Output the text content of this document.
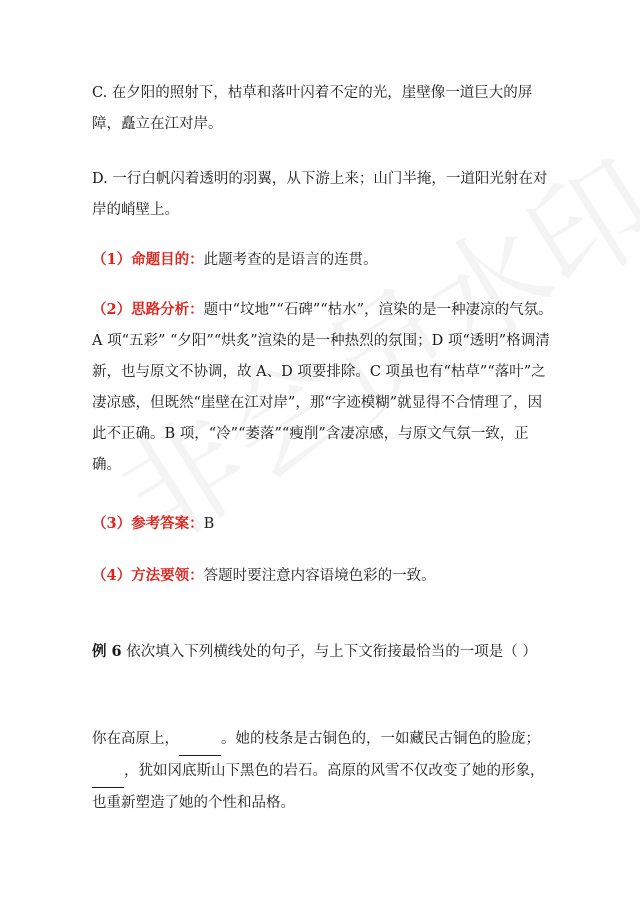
C. 在夕阳的照射下，枯草和落叶闪着不定的光，崖壁像一道巨大的屏障，矗立在江对岸。

D. 一行白帆闪着透明的羽翼，从下游上来；山门半掩，一道阳光射在对岸的峭壁上。

（1）命题目的：此题考查的是语言的连贯。

（2）思路分析：题中“坟地”“石碑”“枯水”，渲染的是一种凄凉的气氛。A 项“五彩” “夕阳”“烘炙”渲染的是一种热烈的氛围；D 项“透明”格调清新，也与原文不协调，故 A、D 项要排除。C 项虽也有“枯草”“落叶”之凄凉感，但既然“崖壁在江对岸”，那“字迹模糊”就显得不合情理了，因此不正确。B 项，“冷”“萎落”“瘦削”含凄凉感，与原文气氛一致，正确。

（3）参考答案：B

（4）方法要领：答题时要注意内容语境色彩的一致。

例 6 依次填入下列横线处的句子，与上下文衔接最恰当的一项是（ ）

你在高原上，	。她的枝条是古铜色的，一如藏民古铜色的脸庞； ，犹如冈底斯山下黑色的岩石。高原的风雪不仅改变了她的形象，也重新塑造了她的个性和品格。
